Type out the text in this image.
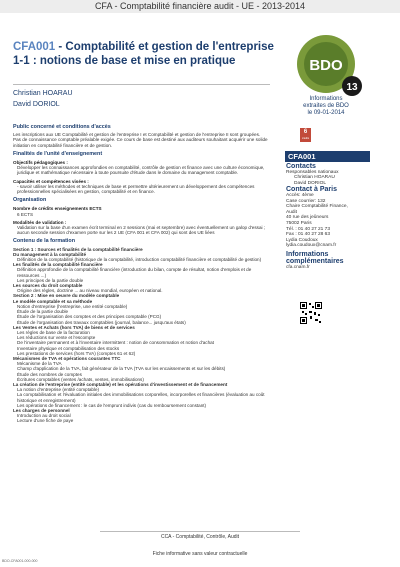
CFA - Comptabilité financière audit - UE - 2013-2014
CFA001 - Comptabilité et gestion de l'entreprise 1-1 : notions de base et mise en pratique
Christian HOARAU
David DORIOL
Public concerné et conditions d'accès

Les inscriptions aux UE Comptabilité et gestion de l'entreprise I et Comptabilité et gestion de l'entreprise II sont groupées.

Pas de connaissance comptable préalable exigée. Ce cours de base est destiné aux auditeurs souhaitant acquérir une solide initiation en comptabilité financière et de gestion.

Finalités de l'unité d'enseignement

Objectifs pédagogiques :

Développer les connaissances approfondies en comptabilité, contrôle de gestion et finance avec une culture économique, juridique et mathématique nécessaire à toute poursuite d'étude dans le domaine du management comptable.

Capacités et compétences visées :

- savoir utiliser les méthodes et techniques de base et permettre ultérieurement un développement des compétences professionnelles spécialisées en gestion, comptabilité et en finance.

Organisation

Nombre de crédits enseignements ECTS

6 ECTS

Modalités de validation :

Validation sur la base d'un examen écrit terminal en 2 sessions (mai et septembre) avec éventuellement un galop d'essai ; aucun seconde session d'examen porte sur les 2 UE (CFA 001 et CFA 002) qui sont des UE liées

Contenu de la formation

Section 1 : Sources et finalités de la comptabilité financière

Du management à la comptabilité

Définition de la comptabilité (historique de la comptabilité, introduction comptabilité financière et comptabilité de gestion)

Les finalités de la comptabilité financière

Définition approfondie de la comptabilité financière (introduction du bilan, compte de résultat, notion d'emplois et de ressources ...)

Les principes de la partie double

Les sources du droit comptable

Origine des règles, doctrine ... au niveau mondial, européen et national.

Section 2 : Mise en oeuvre du modèle comptable

Le modèle comptable et sa méthode

Notion d'entreprise (l'entreprise, une entité comptable)

Étude de la partie double

Étude de l'organisation des comptes et des principes comptable (PCG)

Étude de l'organisation des travaux comptables (journal, balance... jusqu'aux états)

Les Ventes et Achats (hors TVA) de biens et de services

Les règles de base de la facturation

Les réductions sur vente et l'escompte

De l'inventaire permanent et à l'inventaire intermittent : notion de consommation et notion d'achat

Inventaire physique et comptabilisation des stocks

Les prestations de services (hors TVA) (comptes 61 et 62)

Mécanismes de TVA et opérations courantes TTC

Mécanisme de la TVA

Champ d'application de la TVA, fait générateur de la TVA (TVA sur les encaissements et sur les débits)

Étude des nombres de comptes

Écritures comptables (ventes /achats, ventes, immobilisations)

La création de l'entreprise (entité comptable) et les opérations d'investissement et de financement

La notion d'entreprise (entité comptable)

La comptabilisation et l'évaluation initiales des immobilisations corporelles, incorporelles et financières (évaluation au coût historique et enregistrement)

Les opérations de financement : le cas de l'emprunt indivis (cas du remboursement constant)

Les charges de personnel

Introduction au droit social

Lecture d'une fiche de paye

BDO
13
Informations
extraites de BDO
le 09-01-2014
6
crédits
CFA001
Contacts
Responsables nationaux
Christian HOARAU
David DORIOL
Contact à Paris
Accès: 4ème
Case courrier: 132
Chaire Comptabilité Finance,
Audit
40 rue des jeûneurs
75002 Paris
Tél. : 01 40 27 21 73
Fax : 01 40 27 28 63
Lydia Coudoux
lydia.coudoux@cnam.fr
Informations complémentaires
cfa.cnam.fr
CCA - Comptabilité, Contrôle, Audit
Fiche informative sans valeur contractuelle
BDO-CFA001-000-000
